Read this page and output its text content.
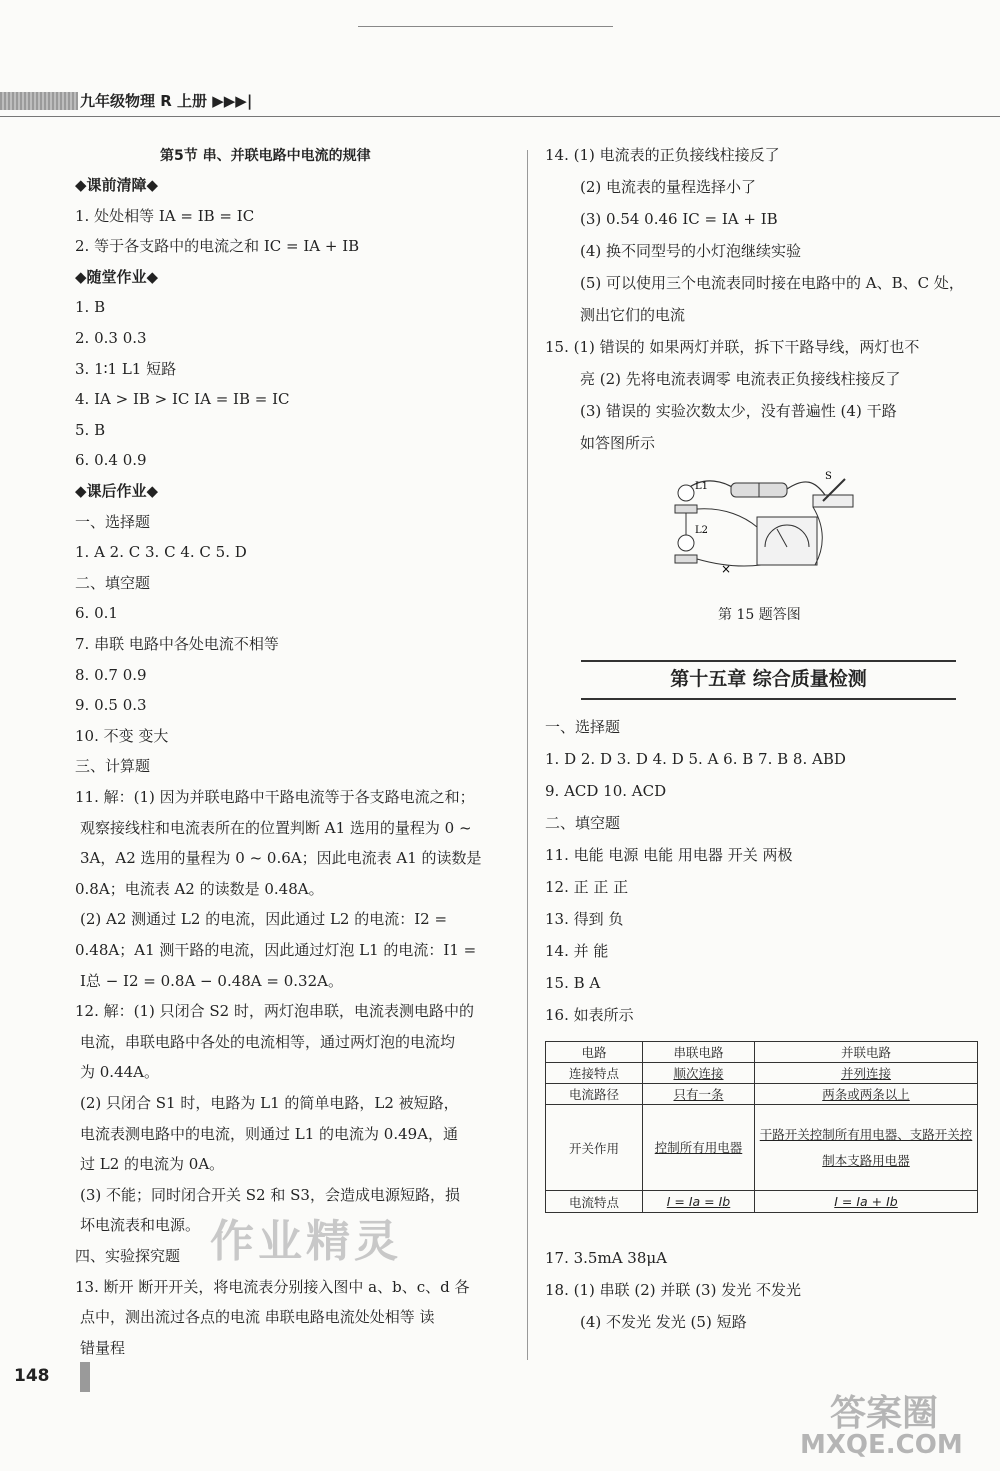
九年级物理 R 上册 ▶▶▶|
第5节 串、并联电路中电流的规律
◆课前清障◆
1. 处处相等 IA = IB = IC
2. 等于各支路中的电流之和 IC = IA + IB
◆随堂作业◆
1. B
2. 0.3 0.3
3. 1∶1 L1 短路
4. IA > IB > IC IA = IB = IC
5. B
6. 0.4 0.9
◆课后作业◆
一、选择题
1. A 2. C 3. C 4. C 5. D
二、填空题
6. 0.1
7. 串联 电路中各处电流不相等
8. 0.7 0.9
9. 0.5 0.3
10. 不变 变大
三、计算题
11. 解：(1) 因为并联电路中干路电流等于各支路电流之和；
观察接线柱和电流表所在的位置判断 A1 选用的量程为 0 ~
3A，A2 选用的量程为 0 ~ 0.6A；因此电流表 A1 的读数是
0.8A；电流表 A2 的读数是 0.48A。
(2) A2 测通过 L2 的电流，因此通过 L2 的电流：I2 =
0.48A；A1 测干路的电流，因此通过灯泡 L1 的电流：I1 =
I总 − I2 = 0.8A − 0.48A = 0.32A。
12. 解：(1) 只闭合 S2 时，两灯泡串联，电流表测电路中的
电流，串联电路中各处的电流相等，通过两灯泡的电流均
为 0.44A。
(2) 只闭合 S1 时，电路为 L1 的简单电路，L2 被短路，
电流表测电路中的电流，则通过 L1 的电流为 0.49A，通
过 L2 的电流为 0A。
(3) 不能；同时闭合开关 S2 和 S3，会造成电源短路，损
坏电流表和电源。
四、实验探究题
13. 断开 断开开关，将电流表分别接入图中 a、b、c、d 各
点中，测出流过各点的电流 串联电路电流处处相等 读
错量程
14. (1) 电流表的正负接线柱接反了
(2) 电流表的量程选择小了
(3) 0.54 0.46 IC = IA + IB
(4) 换不同型号的小灯泡继续实验
(5) 可以使用三个电流表同时接在电路中的 A、B、C 处，
测出它们的电流
15. (1) 错误的 如果两灯并联，拆下干路导线，两灯也不
亮 (2) 先将电流表调零 电流表正负接线柱接反了
(3) 错误的 实验次数太少，没有普遍性 (4) 干路
如答图所示
S
L1
L2
×
第 15 题答图
第十五章 综合质量检测
一、选择题
1. D 2. D 3. D 4. D 5. A 6. B 7. B 8. ABD
9. ACD 10. ACD
二、填空题
11. 电能 电源 电能 用电器 开关 两极
12. 正 正 正
13. 得到 负
14. 并 能
15. B A
16. 如表所示
电路	串联电路	并联电路
连接特点	顺次连接	并列连接
电流路径	只有一条	两条或两条以上
开关作用	控制所有用电器	干路开关控制所有用电器、支路开关控制本支路用电器
电流特点	I = Ia = Ib	I = Ia + Ib
17. 3.5mA 38μA
18. (1) 串联 (2) 并联 (3) 发光 不发光
(4) 不发光 发光 (5) 短路
148
作业精灵
答案圈
MXQE.COM
